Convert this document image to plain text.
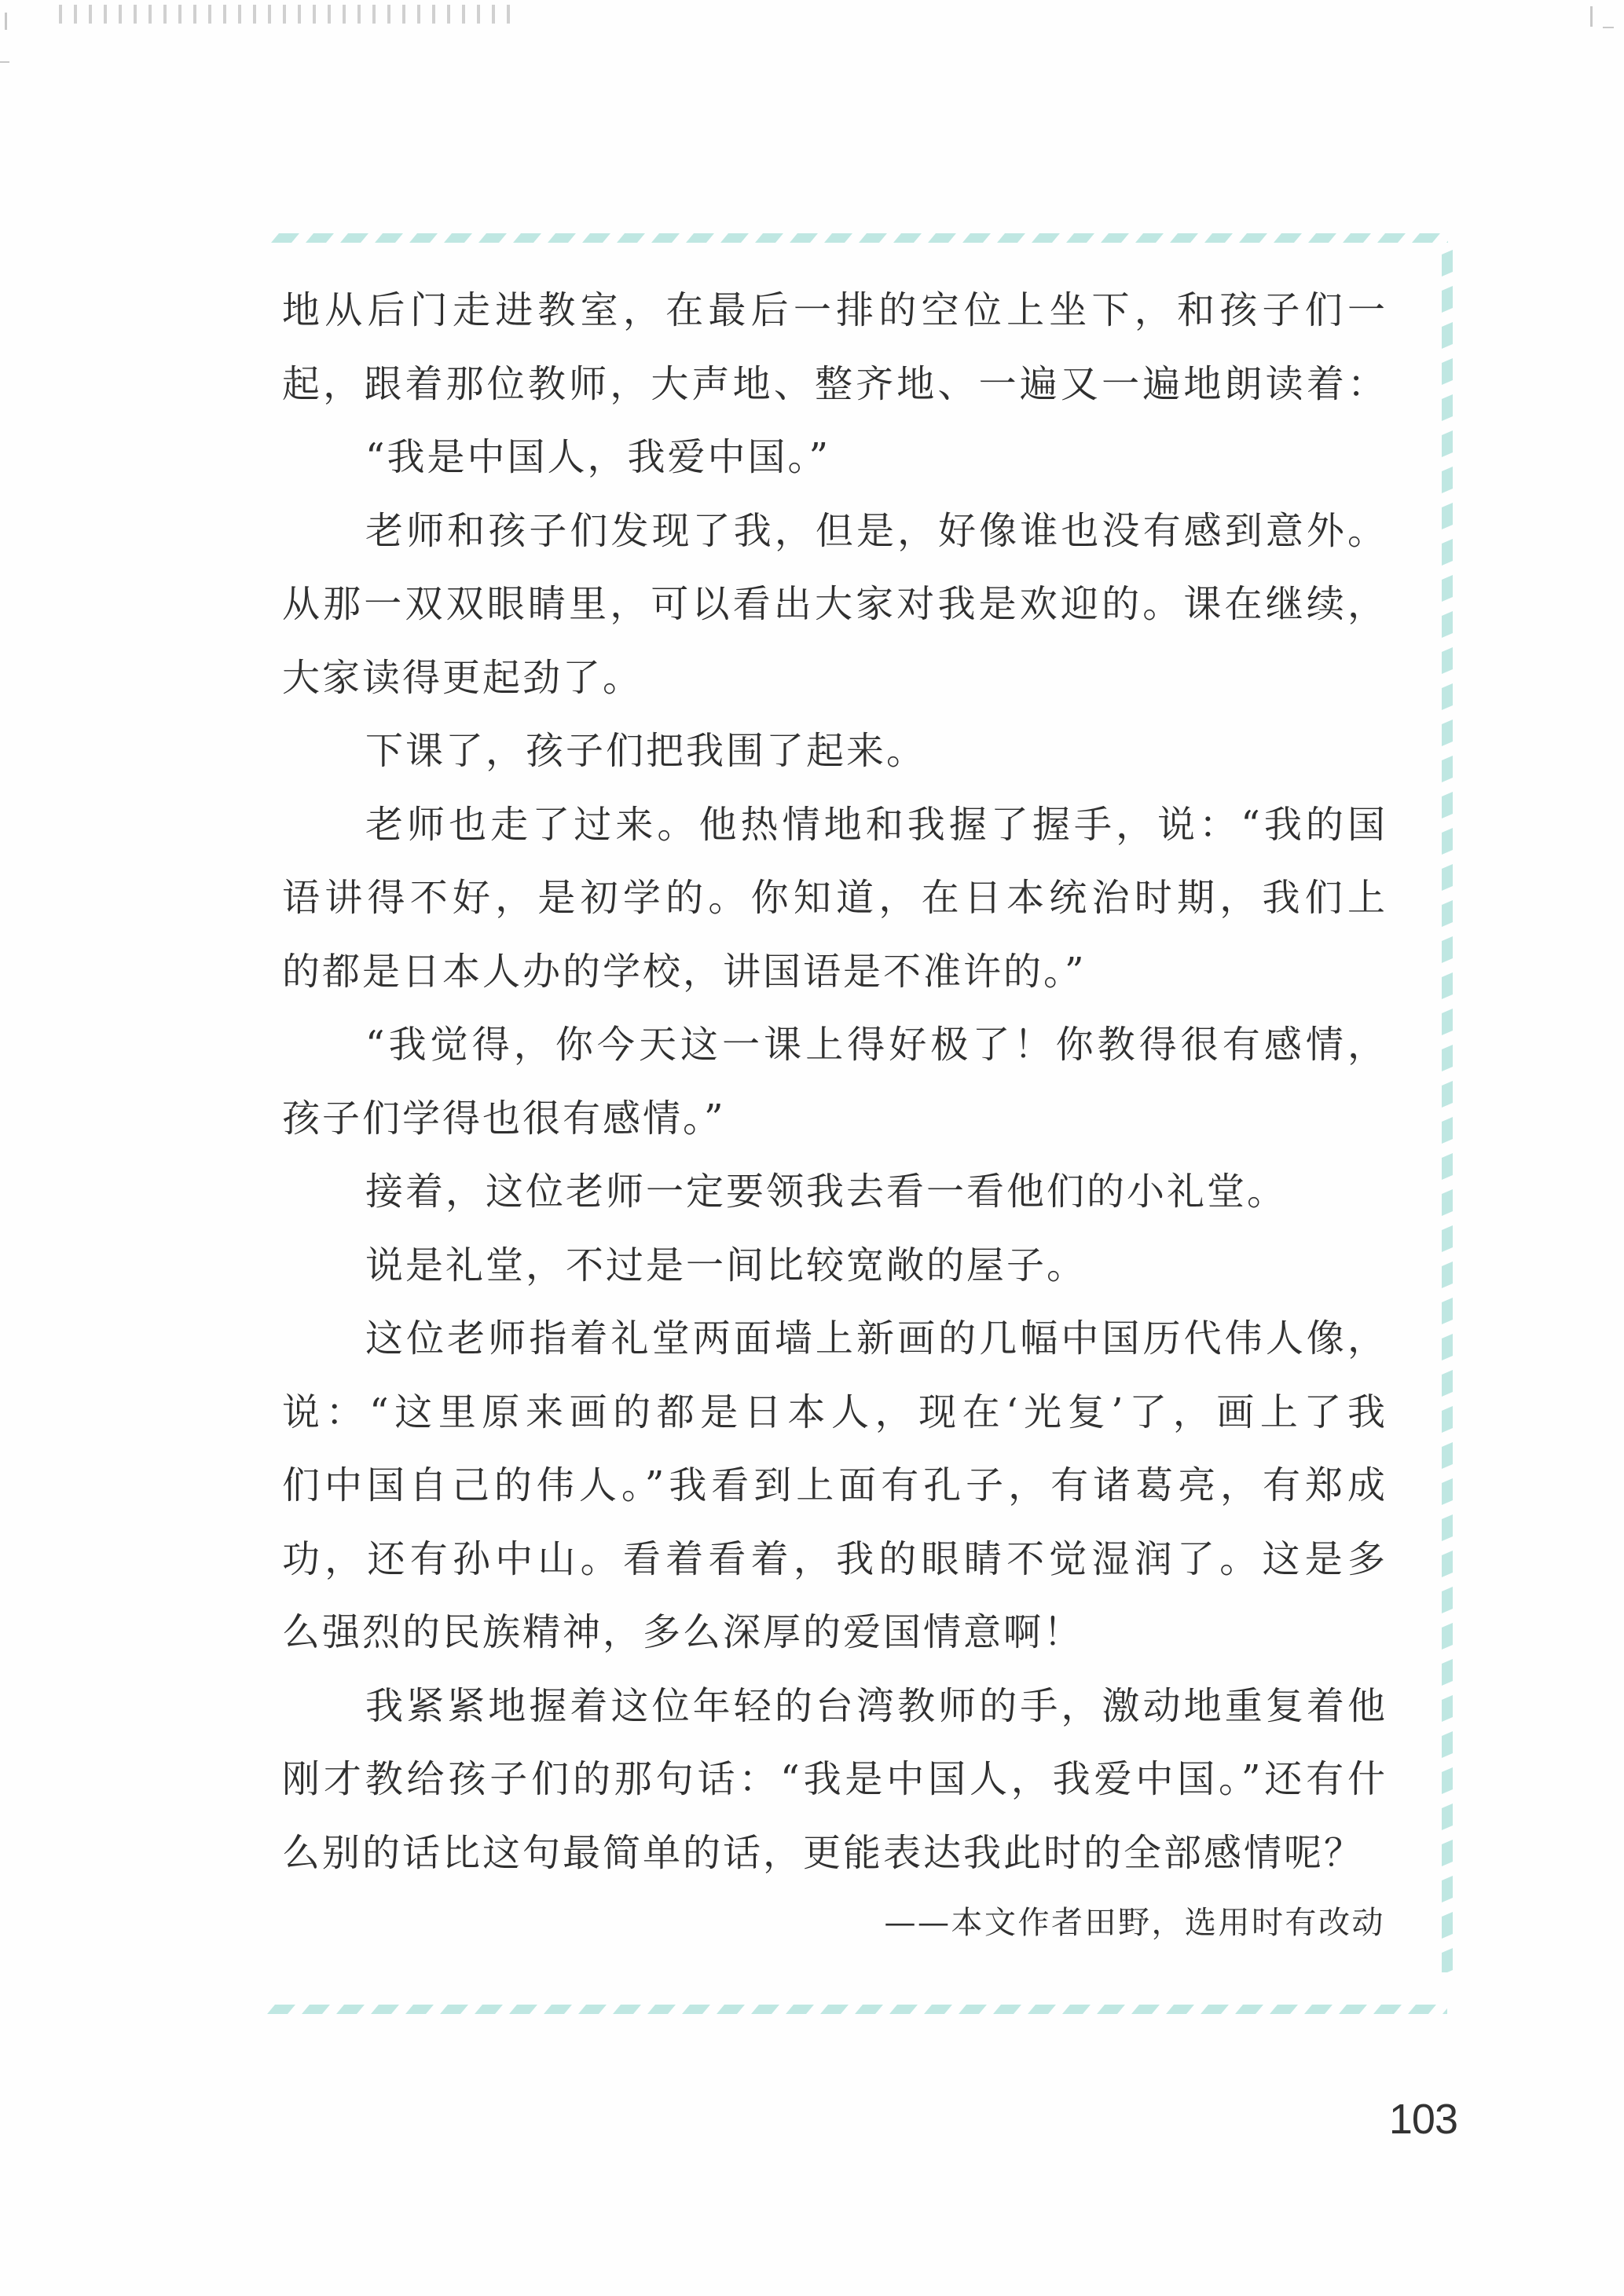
地从后门走进教室，在最后一排的空位上坐下，和孩子们一
起，跟着那位教师，大声地、整齐地、一遍又一遍地朗读着：
“我是中国人，我爱中国。”
老师和孩子们发现了我，但是，好像谁也没有感到意外。
从那一双双眼睛里，可以看出大家对我是欢迎的。课在继续，
大家读得更起劲了。
下课了，孩子们把我围了起来。
老师也走了过来。他热情地和我握了握手，说：“我的国
语讲得不好，是初学的。你知道，在日本统治时期，我们上
的都是日本人办的学校，讲国语是不准许的。”
“我觉得，你今天这一课上得好极了！你教得很有感情，
孩子们学得也很有感情。”
接着，这位老师一定要领我去看一看他们的小礼堂。
说是礼堂，不过是一间比较宽敞的屋子。
这位老师指着礼堂两面墙上新画的几幅中国历代伟人像，
说：“这里原来画的都是日本人，现在‘光复’了，画上了我
们中国自己的伟人。”我看到上面有孔子，有诸葛亮，有郑成
功，还有孙中山。看着看着，我的眼睛不觉湿润了。这是多
么强烈的民族精神，多么深厚的爱国情意啊！
我紧紧地握着这位年轻的台湾教师的手，激动地重复着他
刚才教给孩子们的那句话：“我是中国人，我爱中国。”还有什
么别的话比这句最简单的话，更能表达我此时的全部感情呢？
——本文作者田野，选用时有改动
103
